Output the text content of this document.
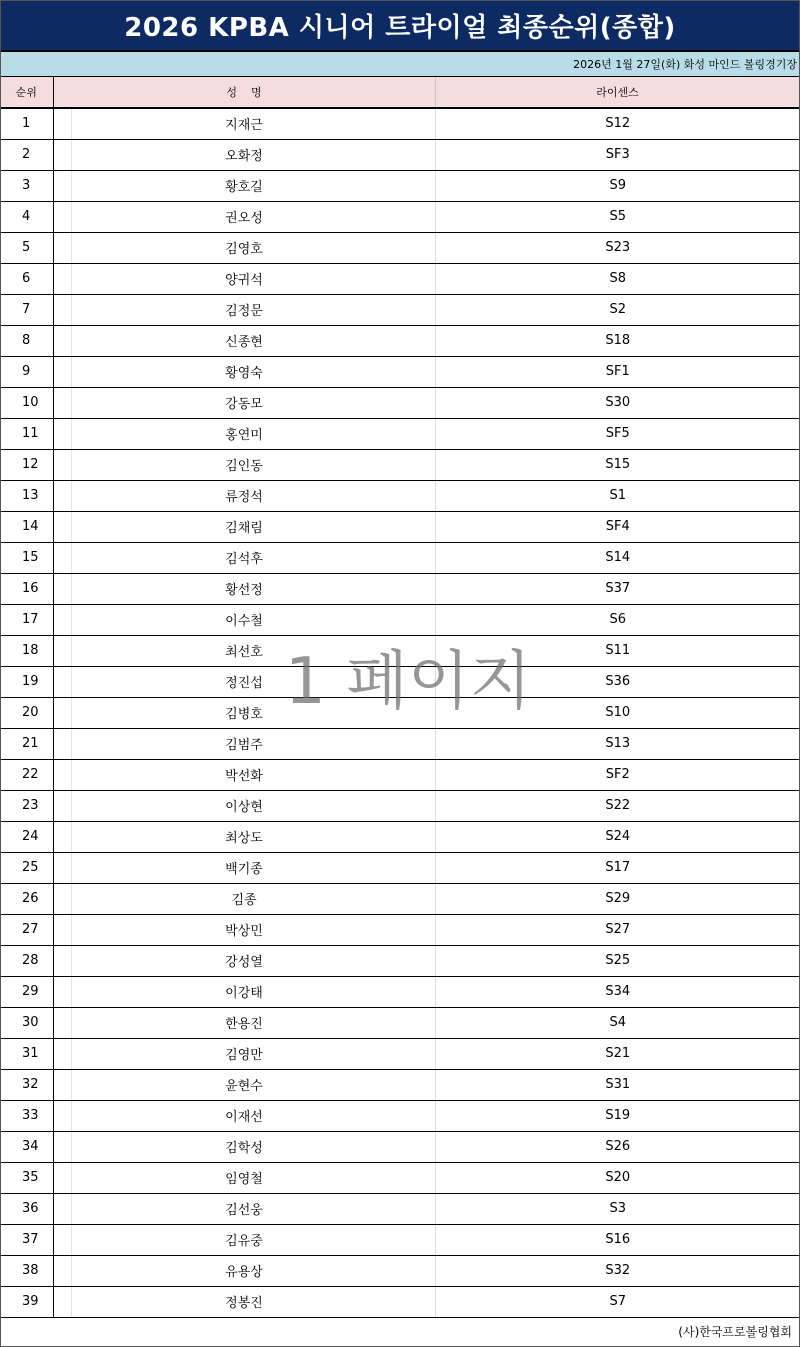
2026 KPBA 시니어 트라이얼 최종순위(종합)
2026년 1월 27일(화) 화성 마인드 볼링경기장
순위	성    명	라이센스
1	지재근	S12
2	오화정	SF3
3	황호길	S9
4	권오성	S5
5	김영호	S23
6	양귀석	S8
7	김정문	S2
8	신종현	S18
9	황영숙	SF1
10	강동모	S30
11	홍연미	SF5
12	김인동	S15
13	류정석	S1
14	김채림	SF4
15	김석후	S14
16	황선정	S37
17	이수철	S6
18	최선호	S11
19	정진섭	S36
20	김병호	S10
21	김범주	S13
22	박선화	SF2
23	이상현	S22
24	최상도	S24
25	백기종	S17
26	김종	S29
27	박상민	S27
28	강성열	S25
29	이강태	S34
30	한용진	S4
31	김영만	S21
32	윤현수	S31
33	이재선	S19
34	김학성	S26
35	임영철	S20
36	김선웅	S3
37	김유중	S16
38	유용상	S32
39	정봉진	S7
1 페이지
(사)한국프로볼링협회
